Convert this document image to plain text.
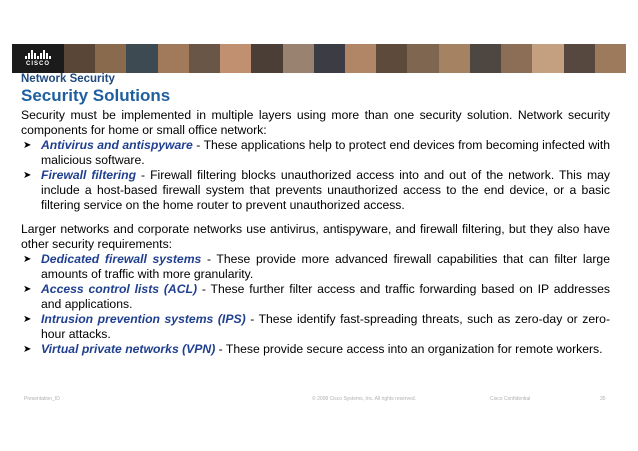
CISCO
Network Security
Security Solutions

Security must be implemented in multiple layers using more than one security solution. Network security components for home or small office network:

➤ Antivirus and antispyware - These applications help to protect end devices from becoming infected with malicious software.

➤ Firewall filtering - Firewall filtering blocks unauthorized access into and out of the network. This may include a host-based firewall system that prevents unauthorized access to the end device, or a basic filtering service on the home router to prevent unauthorized access.

Larger networks and corporate networks use antivirus, antispyware, and firewall filtering, but they also have other security requirements:

➤ Dedicated firewall systems - These provide more advanced firewall capabilities that can filter large amounts of traffic with more granularity.

➤ Access control lists (ACL) - These further filter access and traffic forwarding based on IP addresses and applications.

➤ Intrusion prevention systems (IPS) - These identify fast-spreading threats, such as zero-day or zero-hour attacks.

➤ Virtual private networks (VPN) - These provide secure access into an organization for remote workers.

Presentation_ID	© 2008 Cisco Systems, Inc. All rights reserved.	Cisco Confidential	35
